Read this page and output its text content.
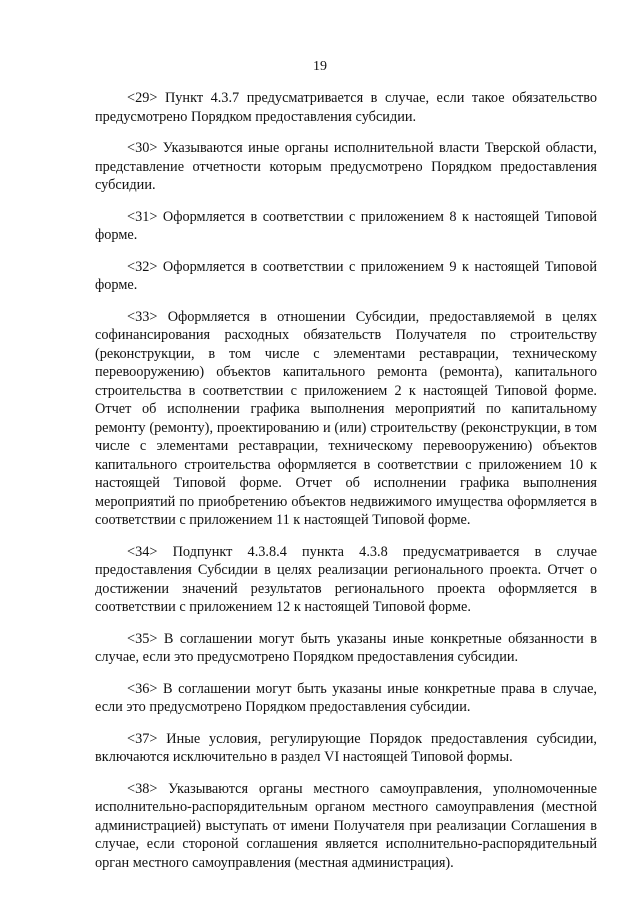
19

<29> Пункт 4.3.7 предусматривается в случае, если такое обязательство предусмотрено Порядком предоставления субсидии.

<30> Указываются иные органы исполнительной власти Тверской области, представление отчетности которым предусмотрено Порядком предоставления субсидии.

<31> Оформляется в соответствии с приложением 8 к настоящей Типовой форме.

<32> Оформляется в соответствии с приложением 9 к настоящей Типовой форме.

<33> Оформляется в отношении Субсидии, предоставляемой в целях софинансирования расходных обязательств Получателя по строительству (реконструкции, в том числе с элементами реставрации, техническому перевооружению) объектов капитального ремонта (ремонта), капитального строительства в соответствии с приложением 2 к настоящей Типовой форме. Отчет об исполнении графика выполнения мероприятий по капитальному ремонту (ремонту), проектированию и (или) строительству (реконструкции, в том числе с элементами реставрации, техническому перевооружению) объектов капитального строительства оформляется в соответствии с приложением 10 к настоящей Типовой форме. Отчет об исполнении графика выполнения мероприятий по приобретению объектов недвижимого имущества оформляется в соответствии с приложением 11 к настоящей Типовой форме.

<34> Подпункт 4.3.8.4 пункта 4.3.8 предусматривается в случае предоставления Субсидии в целях реализации регионального проекта. Отчет о достижении значений результатов регионального проекта оформляется в соответствии с приложением 12 к настоящей Типовой форме.

<35> В соглашении могут быть указаны иные конкретные обязанности в случае, если это предусмотрено Порядком предоставления субсидии.

<36> В соглашении могут быть указаны иные конкретные права в случае, если это предусмотрено Порядком предоставления субсидии.

<37> Иные условия, регулирующие Порядок предоставления субсидии, включаются исключительно в раздел VI настоящей Типовой формы.

<38> Указываются органы местного самоуправления, уполномоченные исполнительно-распорядительным органом местного самоуправления (местной администрацией) выступать от имени Получателя при реализации Соглашения в случае, если стороной соглашения является исполнительно-распорядительный орган местного самоуправления (местная администрация).
